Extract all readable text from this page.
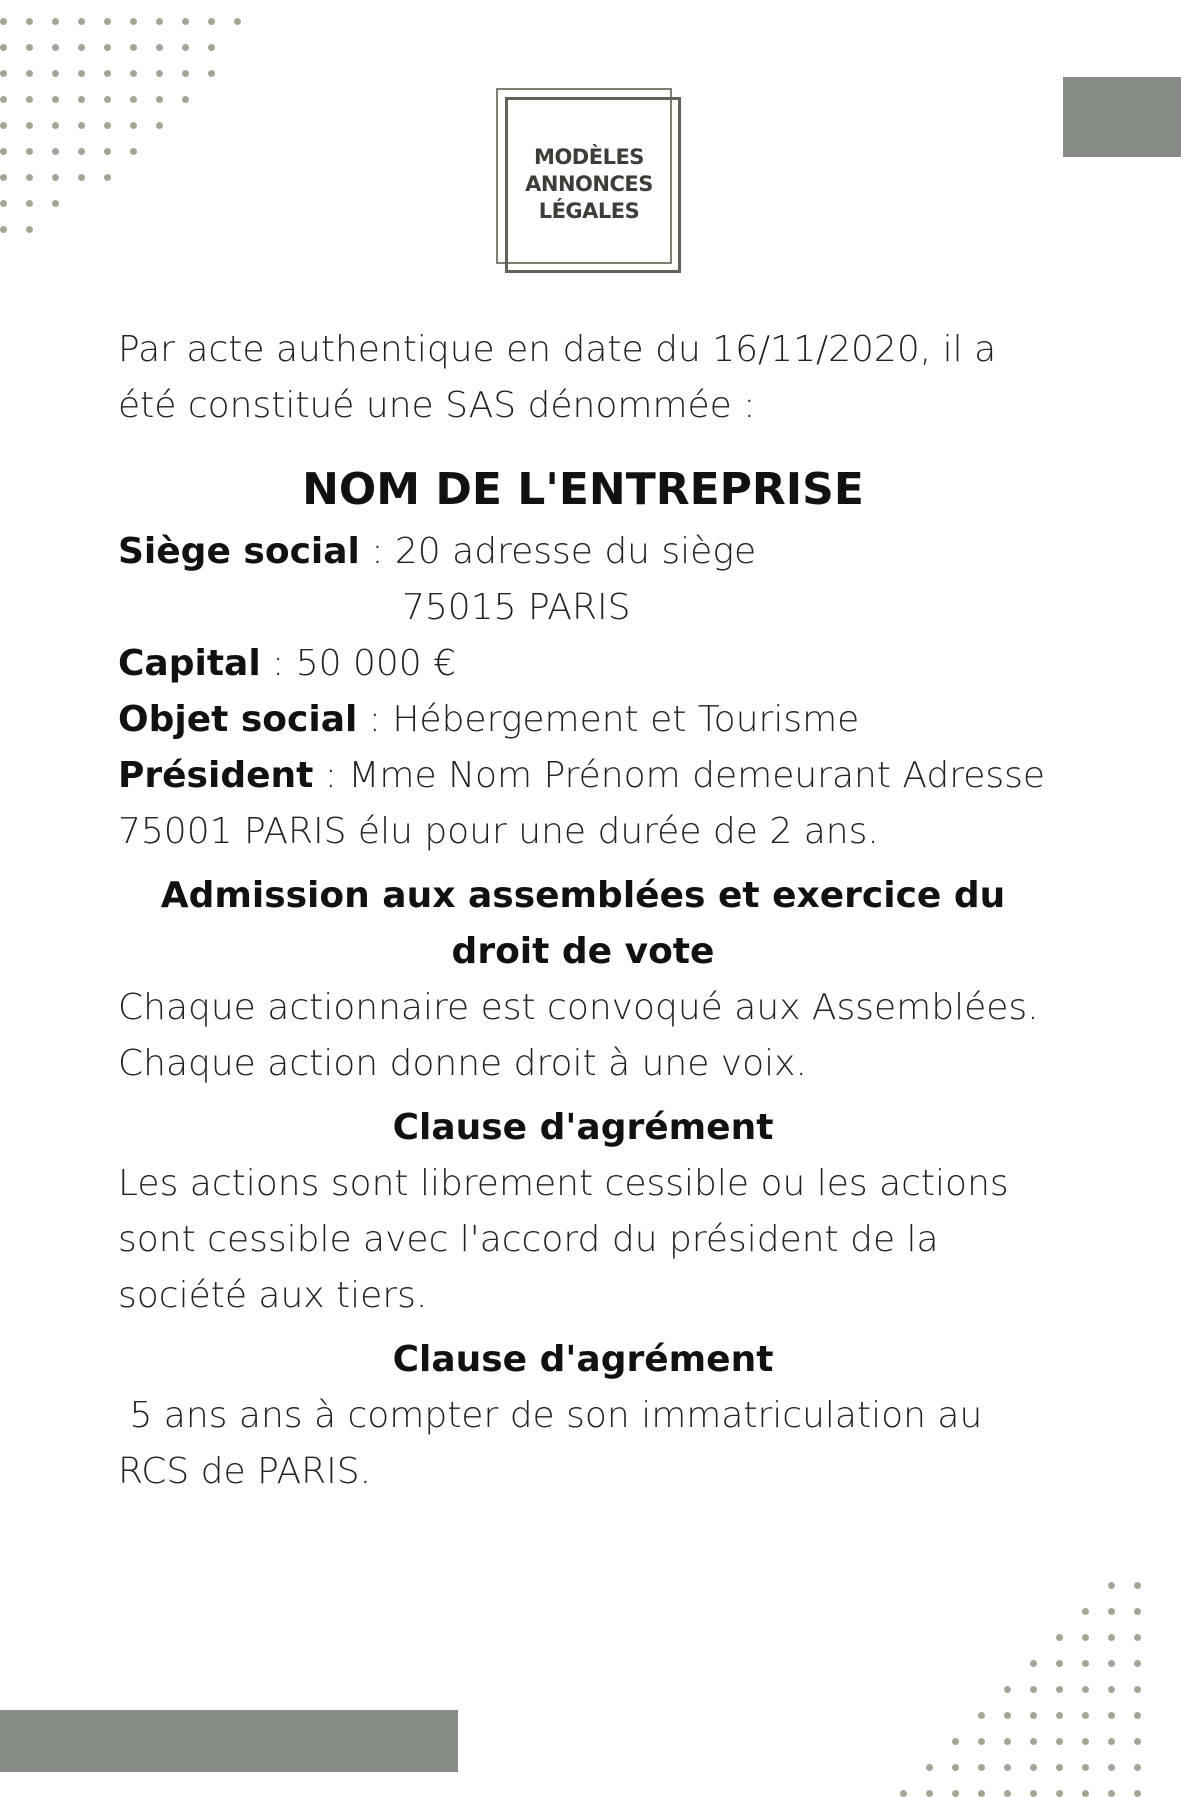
MODÈLES
ANNONCES
LÉGALES

Par acte authentique en date du 16/11/2020, il a été constitué une SAS dénommée :

NOM DE L'ENTREPRISE

Siège social : 20 adresse du siège

75015 PARIS

Capital : 50 000 €

Objet social : Hébergement et Tourisme

Président : Mme Nom Prénom demeurant Adresse 75001 PARIS élu pour une durée de 2 ans.

Admission aux assemblées et exercice du droit de vote

Chaque actionnaire est convoqué aux Assemblées. Chaque action donne droit à une voix.

Clause d'agrément

Les actions sont librement cessible ou les actions sont cessible avec l'accord du président de la société aux tiers.

Clause d'agrément

5 ans ans à compter de son immatriculation au RCS de PARIS.
